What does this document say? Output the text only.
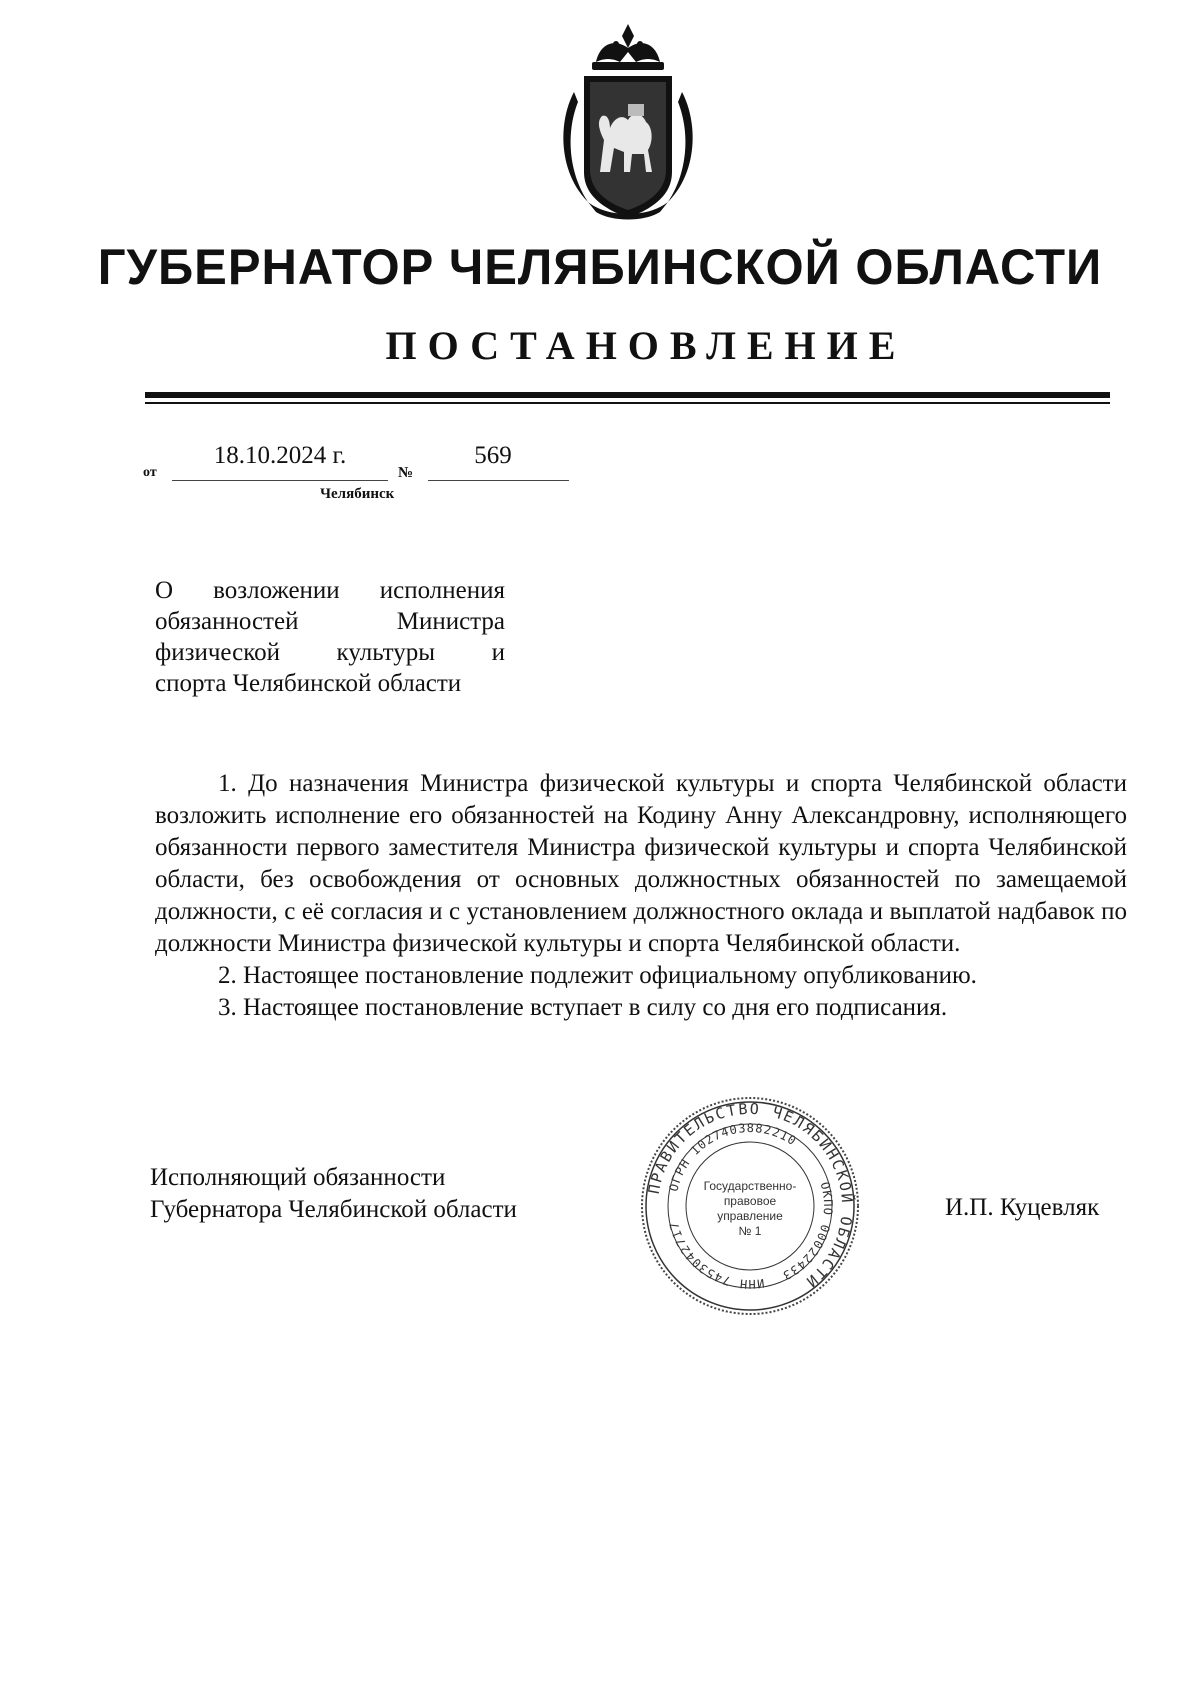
ГУБЕРНАТОР ЧЕЛЯБИНСКОЙ ОБЛАСТИ
ПОСТАНОВЛЕНИЕ
от
18.10.2024 г.
№
569
Челябинск
О возложении исполнения
обязанностей Министра
физической культуры и
спорта Челябинской области

1. До назначения Министра физической культуры и спорта Челябинской области возложить исполнение его обязанностей на Кодину Анну Александровну, исполняющего обязанности первого заместителя Министра физической культуры и спорта Челябинской области, без освобождения от основных должностных обязанностей по замещаемой должности, с её согласия и с установлением должностного оклада и выплатой надбавок по должности Министра физической культуры и спорта Челябинской области.

2. Настоящее постановление подлежит официальному опубликованию.

3. Настоящее постановление вступает в силу со дня его подписания.

Исполняющий обязанности
Губернатора Челябинской области	И.П. Куцевляк
ПРАВИТЕЛЬСТВО ЧЕЛЯБИНСКОЙ ОБЛАСТИ
ОГРН 1027403882210
ОКПО 00022433
ИНН 7453042717
Государственно-
правовое
управление
№ 1
